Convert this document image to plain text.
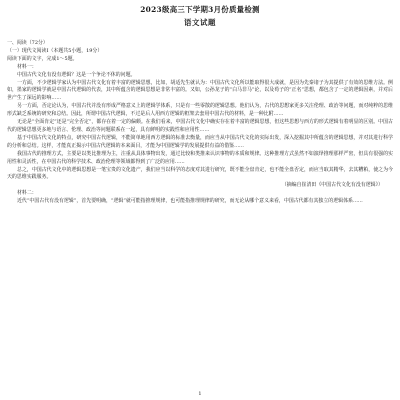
2023级高三下学期3月份质量检测
语文试题

一、阅读（72分）

（一）现代文阅读Ⅰ（本题共5小题，19分）

阅读下面的文字，完成1～5题。

材料一：

中国古代文化有没有逻辑？这是一个争论不休的问题。

一方面，不少逻辑学家认为中国古代文化有着丰富的逻辑思想，比如，胡适先生就认为：中国古代文化所以能取得很大成就，是因为先秦诸子为其提供了有效的思维方法。例如，墨家的逻辑学就是中国古代逻辑的代表，其中所蕴含的逻辑思想是非常丰富的。又如，公孙龙子的“白马非马”论，以及荀子的“正名”思想，都包含了一定的逻辑因素，并对后世产生了深远的影响……

另一方面，否定论认为，中国古代并没有形成严格意义上的逻辑学体系，只是有一些零散的逻辑思想。他们认为，古代的思想家更多关注伦理、政治等问题，而对纯粹的思维形式缺乏系统的研究和总结。因此，所谓中国古代逻辑，不过是后人用西方逻辑的框架去套用中国古代的材料，是一种比附……

无论是“全面肯定”还是“完全否定”，都存在着一定的偏颇。在我们看来，中国古代文化中确实存在着丰富的逻辑思想，但这些思想与西方的形式逻辑有着明显的区别。中国古代的逻辑思想更多地与语言、伦理、政治等问题联系在一起，具有鲜明的实践性和应用性……

基于中国古代文化的特点，研究中国古代逻辑，不能简单地用西方逻辑的标准去衡量，而应当从中国古代文化的实际出发，深入挖掘其中所蕴含的逻辑思想，并对其进行科学的分析和总结。这样，才能真正揭示中国古代逻辑的本来面目，才能为中国逻辑学的发展提供有益的借鉴……

我国古代的推理方式，主要是以类比推理为主，注重从具体事物出发，通过比较和类推来认识事物的本质和规律。这种推理方式虽然不如演绎推理那样严密，但具有很强的实用性和灵活性，在中国古代的科学技术、政治伦理等领域都得到了广泛的应用……

总之，中国古代文化中的逻辑思想是一笔宝贵的文化遗产，我们应当以科学的态度对其进行研究，既不能全盘肯定，也不能全盘否定，而应当取其精华，去其糟粕，使之为今天的思维实践服务。

（摘编自崔清田《中国古代文化有没有逻辑》）

材料二：

近代“中国古代有没有逻辑”，首先要明确，“逻辑”就可能指推理规律，也可能指推理规律的研究，而无论从哪个意义来看，中国古代都有其独立的逻辑体系……

1
